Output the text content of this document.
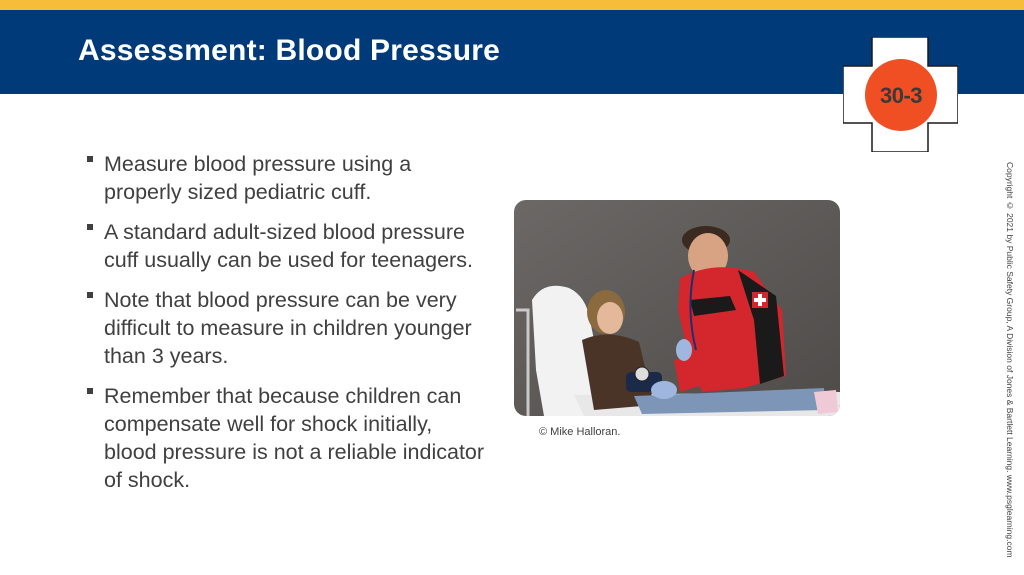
Assessment: Blood Pressure
30-3
Measure blood pressure using a properly sized pediatric cuff.
A standard adult-sized blood pressure cuff usually can be used for teenagers.
Note that blood pressure can be very difficult to measure in children younger than 3 years.
Remember that because children can compensate well for shock initially, blood pressure is not a reliable indicator of shock.
© Mike Halloran.	Copyright © 2021 by Public Safety Group, A Division of Jones & Bartlett Learning. www.psglearning.com
